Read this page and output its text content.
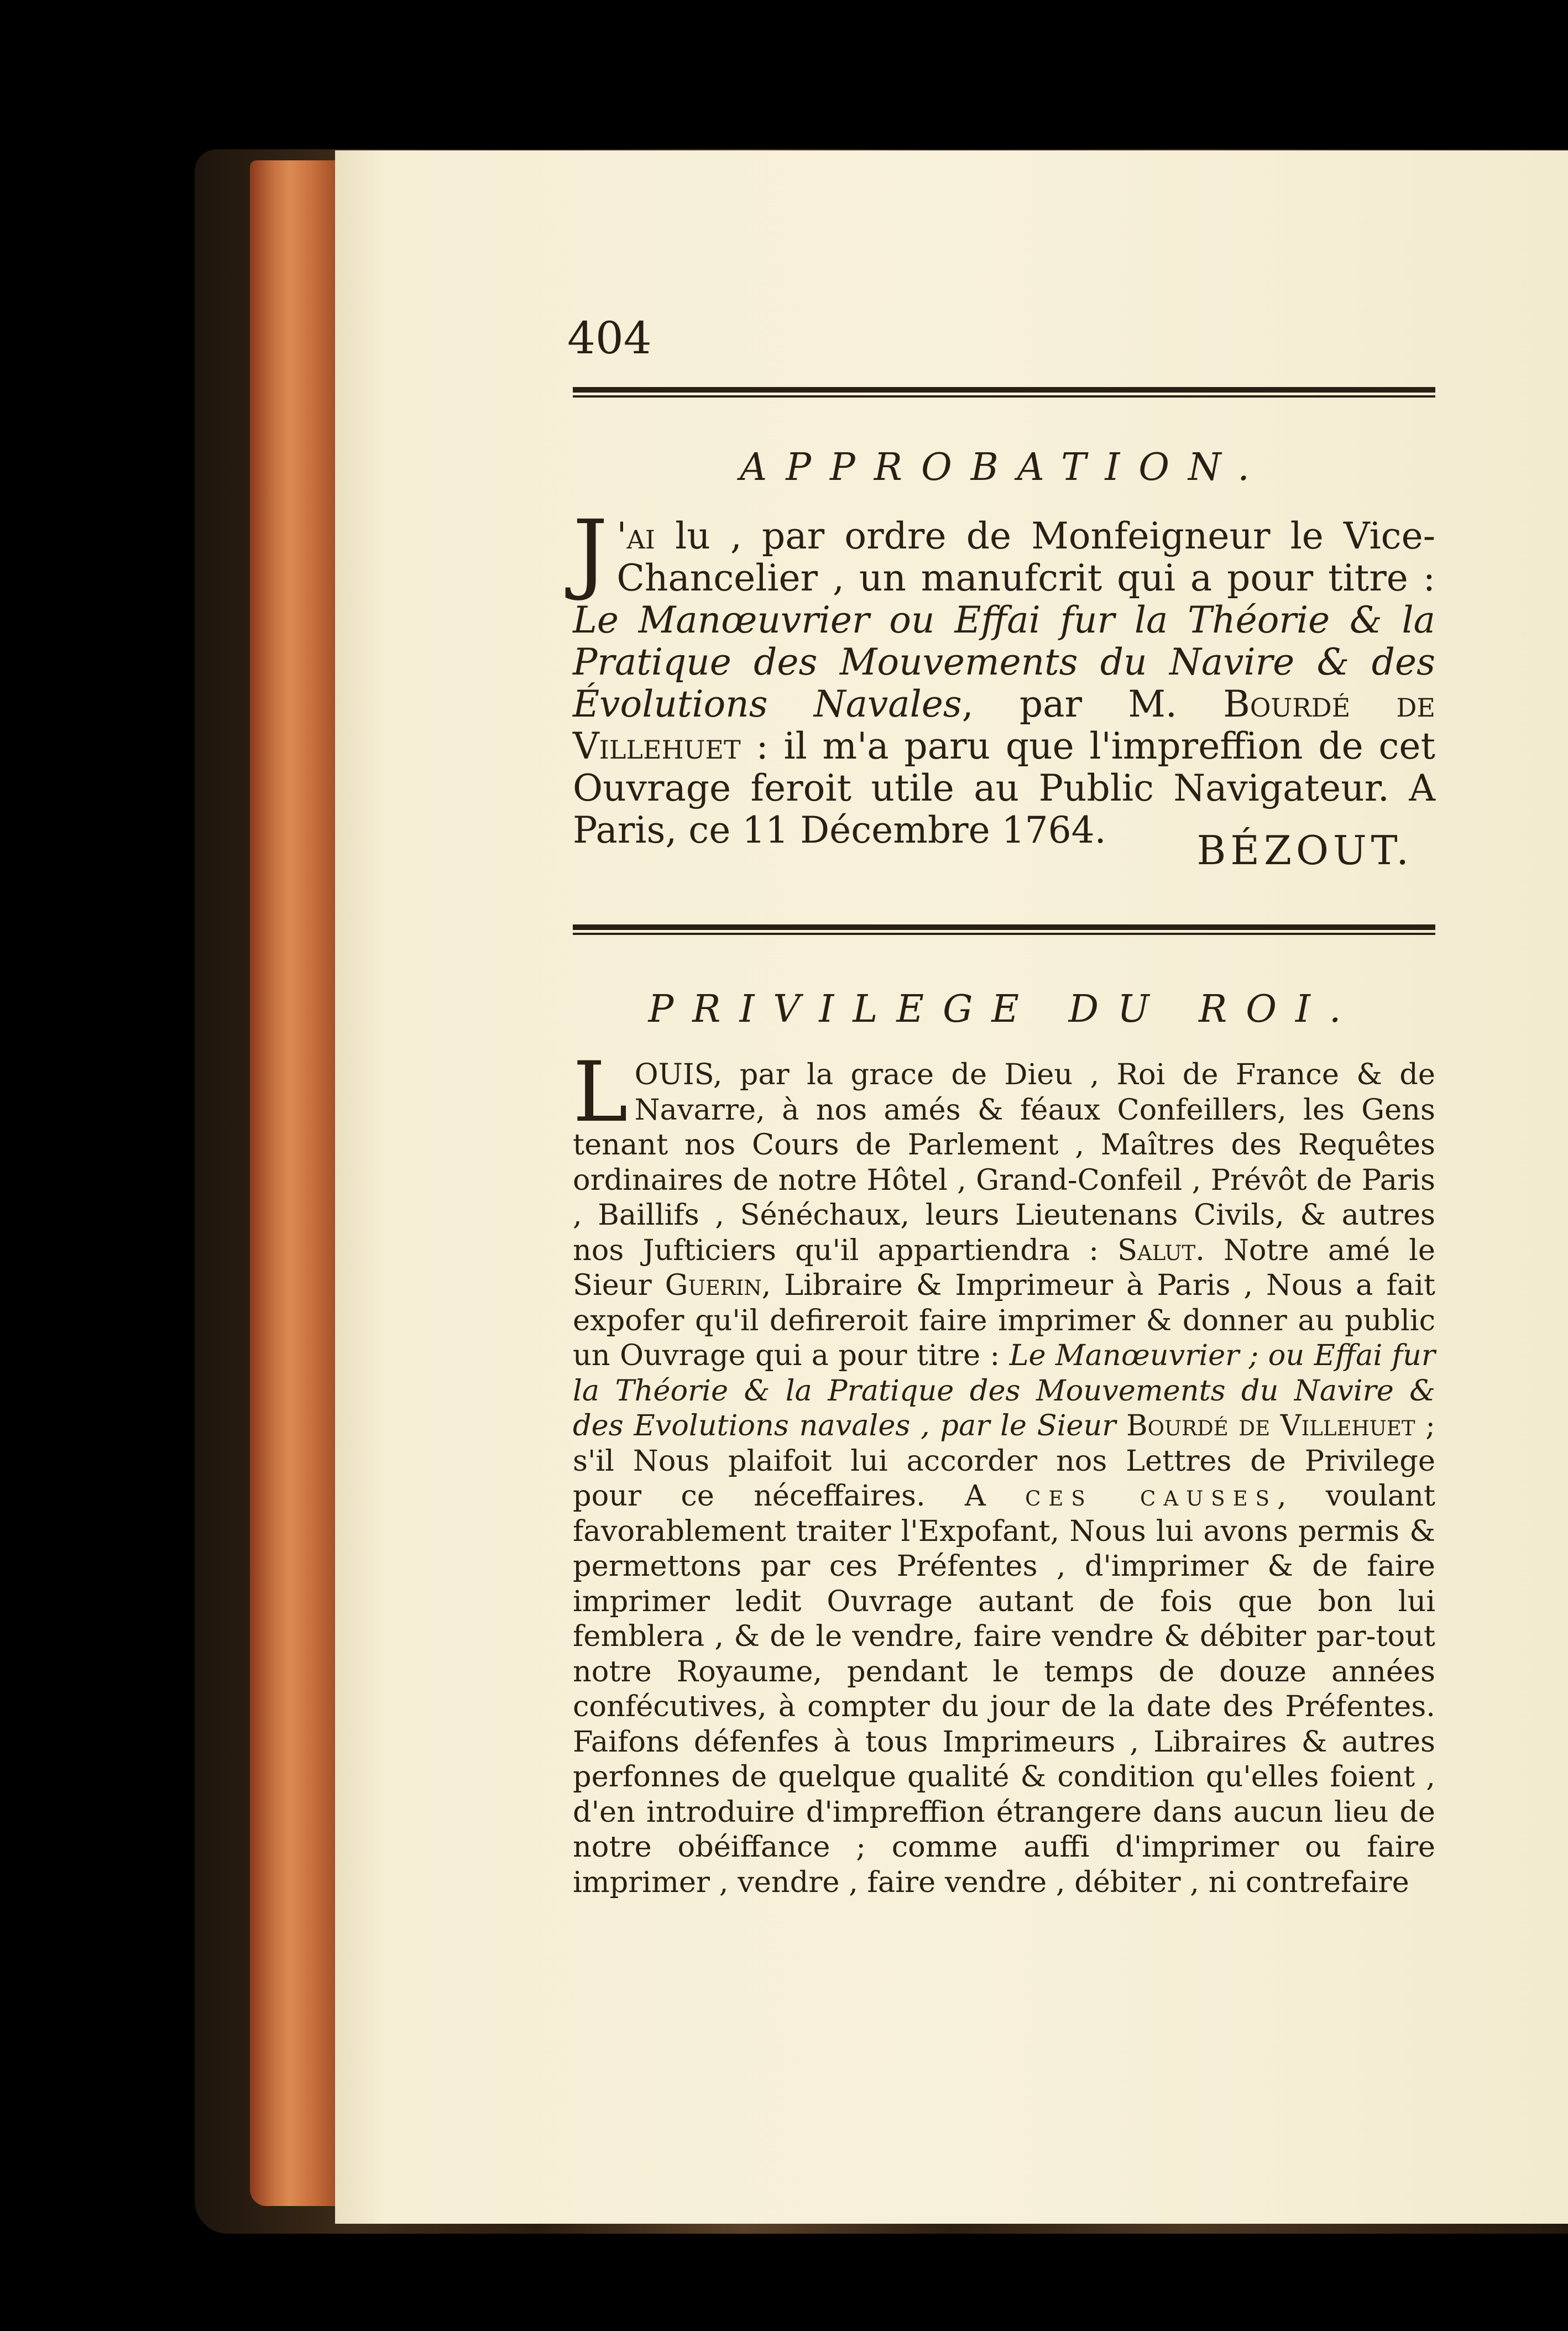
404
APPROBATION.
J 'ai lu , par ordre de Monfeigneur le Vice-Chancelier , un manufcrit qui a pour titre : Le Manœuvrier ou Effai fur la Théorie & la Pratique des Mouvements du Navire & des Évolutions Navales, par M. Bourdé de Villehuet : il m'a paru que l'impreffion de cet Ouvrage feroit utile au Public Navigateur. A Paris, ce 11 Décembre 1764.	BÉZOUT.
PRIVILEGE DU ROI.
LOUIS, par la grace de Dieu , Roi de France & de Navarre, à nos amés & féaux Confeillers, les Gens tenant nos Cours de Parlement , Maîtres des Requêtes ordinaires de notre Hôtel , Grand-Confeil , Prévôt de Paris , Baillifs , Sénéchaux, leurs Lieutenans Civils, & autres nos Jufticiers qu'il appartiendra : Salut. Notre amé le Sieur Guerin, Libraire & Imprimeur à Paris , Nous a fait expofer qu'il defireroit faire imprimer & donner au public un Ouvrage qui a pour titre : Le Manœuvrier ; ou Effai fur la Théorie & la Pratique des Mouvements du Navire & des Evolutions navales , par le Sieur Bourdé de Villehuet ; s'il Nous plaifoit lui accorder nos Lettres de Privilege pour ce néceffaires. A ces causes, voulant favorablement traiter l'Expofant, Nous lui avons permis & permettons par ces Préfentes , d'imprimer & de faire imprimer ledit Ouvrage autant de fois que bon lui femblera , & de le vendre, faire vendre & débiter par-tout notre Royaume, pendant le temps de douze années confécutives, à compter du jour de la date des Préfentes. Faifons défenfes à tous Imprimeurs , Libraires & autres perfonnes de quelque qualité & condition qu'elles foient , d'en introduire d'impreffion étrangere dans aucun lieu de notre obéiffance ; comme auffi d'imprimer ou faire imprimer , vendre , faire vendre , débiter , ni contrefaire
